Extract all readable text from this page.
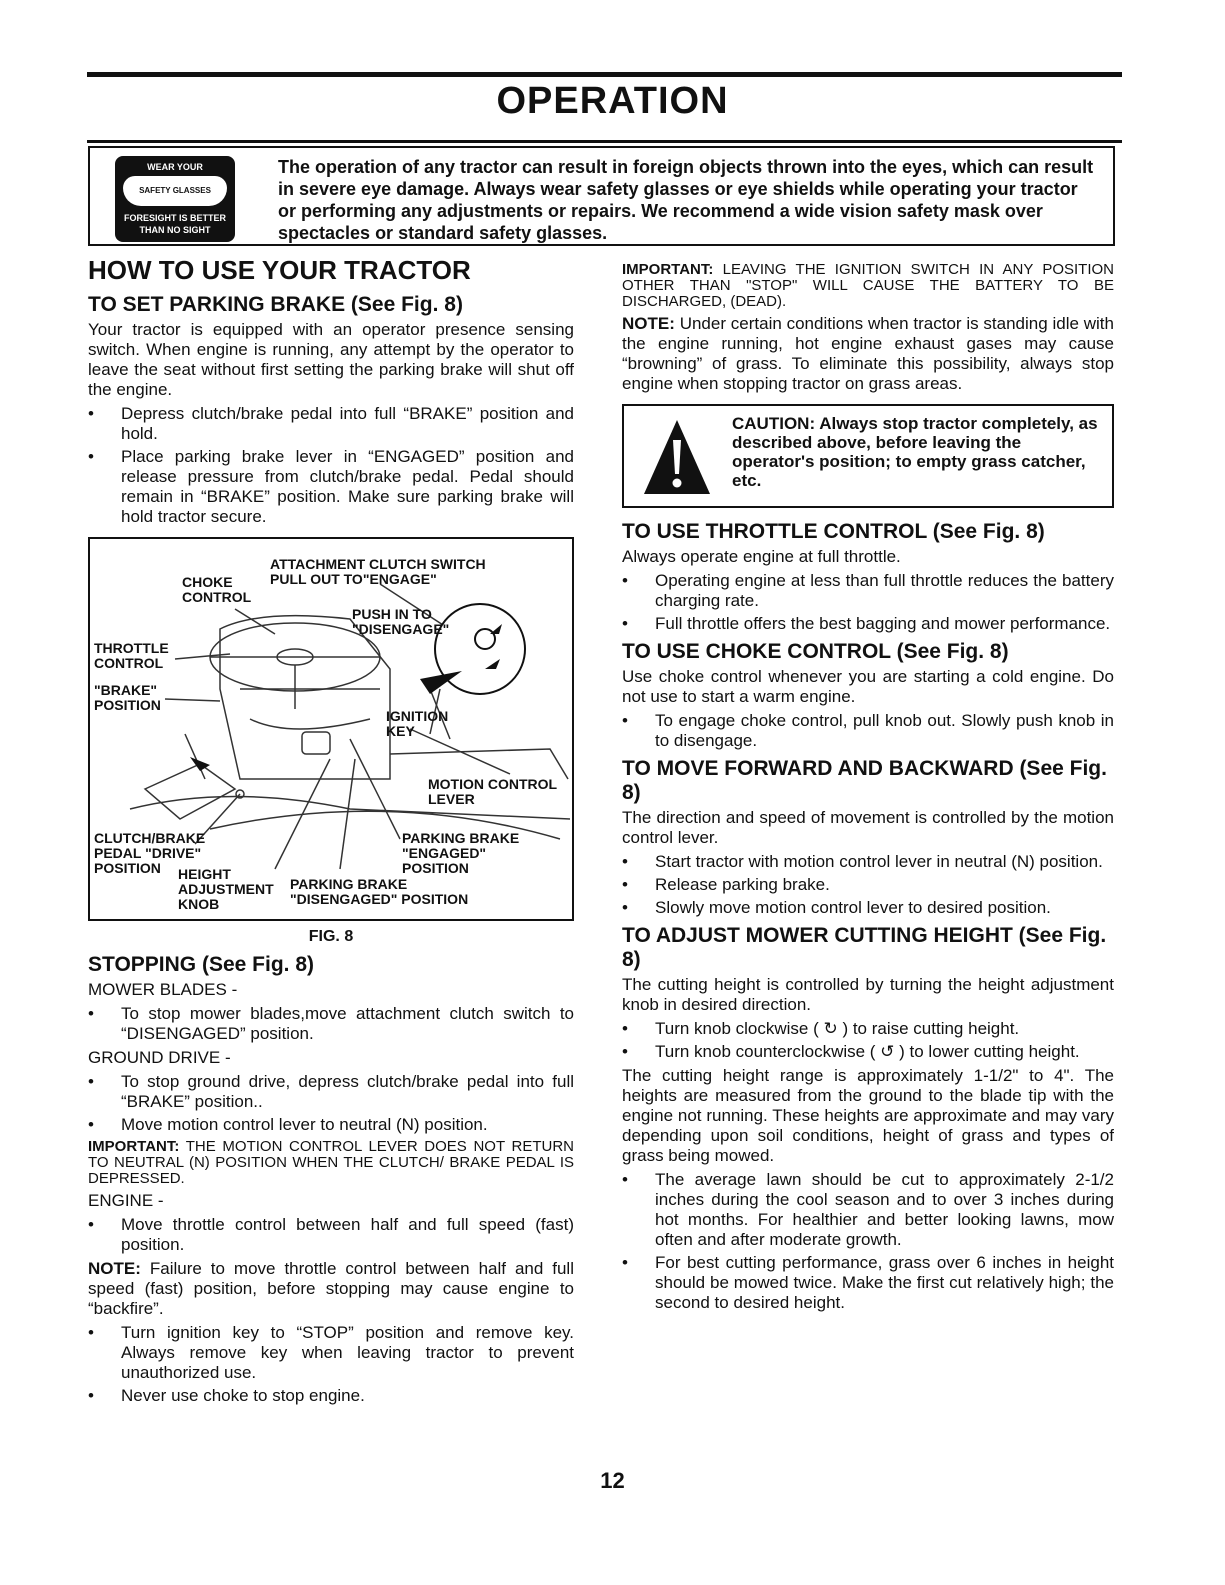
OPERATION
WEAR YOUR
SAFETY GLASSES
FORESIGHT IS BETTER
THAN NO SIGHT
The operation of any tractor can result in foreign objects thrown into the eyes, which can result in severe eye damage. Always wear safety glasses or eye shields while operating your tractor or performing any adjustments or repairs. We recommend a wide vision safety mask over spectacles or standard safety glasses.
HOW TO USE YOUR TRACTOR
TO SET PARKING BRAKE (See Fig. 8)

Your tractor is equipped with an operator presence sensing switch. When engine is running, any attempt by the operator to leave the seat without first setting the parking brake will shut off the engine.

• Depress clutch/brake pedal into full “BRAKE” position and hold.
• Place parking brake lever in “ENGAGED” position and release pressure from clutch/brake pedal. Pedal should remain in “BRAKE” position. Make sure parking brake will hold tractor secure.
ATTACHMENT CLUTCH SWITCH
PULL OUT TO"ENGAGE"
CHOKE
CONTROL
PUSH IN TO
"DISENGAGE"
THROTTLE
CONTROL
"BRAKE"
POSITION
IGNITION
KEY
MOTION CONTROL
LEVER
CLUTCH/BRAKE
PEDAL "DRIVE"
POSITION
PARKING BRAKE
"ENGAGED"
POSITION
HEIGHT
ADJUSTMENT
KNOB
PARKING BRAKE
"DISENGAGED" POSITION
FIG. 8
STOPPING (See Fig. 8)

MOWER BLADES -

• To stop mower blades,move attachment clutch switch to “DISENGAGED” position.

GROUND DRIVE -

• To stop ground drive, depress clutch/brake pedal into full “BRAKE” position..
• Move motion control lever to neutral (N) position.

IMPORTANT: THE MOTION CONTROL LEVER DOES NOT RETURN TO NEUTRAL (N) POSITION WHEN THE CLUTCH/ BRAKE PEDAL IS DEPRESSED.

ENGINE -

• Move throttle control between half and full speed (fast) position.

NOTE: Failure to move throttle control between half and full speed (fast) position, before stopping may cause engine to “backfire”.

• Turn ignition key to “STOP” position and remove key. Always remove key when leaving tractor to prevent unauthorized use.
• Never use choke to stop engine.

IMPORTANT: LEAVING THE IGNITION SWITCH IN ANY POSITION OTHER THAN "STOP" WILL CAUSE THE BATTERY TO BE DISCHARGED, (DEAD).

NOTE: Under certain conditions when tractor is standing idle with the engine running, hot engine exhaust gases may cause “browning” of grass. To eliminate this possibility, always stop engine when stopping tractor on grass areas.

CAUTION: Always stop tractor completely, as described above, before leaving the operator's position; to empty grass catcher, etc.
TO USE THROTTLE CONTROL (See Fig. 8)

Always operate engine at full throttle.

• Operating engine at less than full throttle reduces the battery charging rate.
• Full throttle offers the best bagging and mower performance.
TO USE CHOKE CONTROL (See Fig. 8)

Use choke control whenever you are starting a cold engine. Do not use to start a warm engine.

• To engage choke control, pull knob out. Slowly push knob in to disengage.
TO MOVE FORWARD AND BACKWARD (See Fig. 8)

The direction and speed of movement is controlled by the motion control lever.

• Start tractor with motion control lever in neutral (N) position.
• Release parking brake.
• Slowly move motion control lever to desired position.
TO ADJUST MOWER CUTTING HEIGHT (See Fig. 8)

The cutting height is controlled by turning the height adjustment knob in desired direction.

• Turn knob clockwise ( ↻ ) to raise cutting height.
• Turn knob counterclockwise ( ↺ ) to lower cutting height.

The cutting height range is approximately 1-1/2" to 4". The heights are measured from the ground to the blade tip with the engine not running. These heights are approximate and may vary depending upon soil conditions, height of grass and types of grass being mowed.

• The average lawn should be cut to approximately 2-1/2 inches during the cool season and to over 3 inches during hot months. For healthier and better looking lawns, mow often and after moderate growth.
• For best cutting performance, grass over 6 inches in height should be mowed twice. Make the first cut relatively high; the second to desired height.
12
